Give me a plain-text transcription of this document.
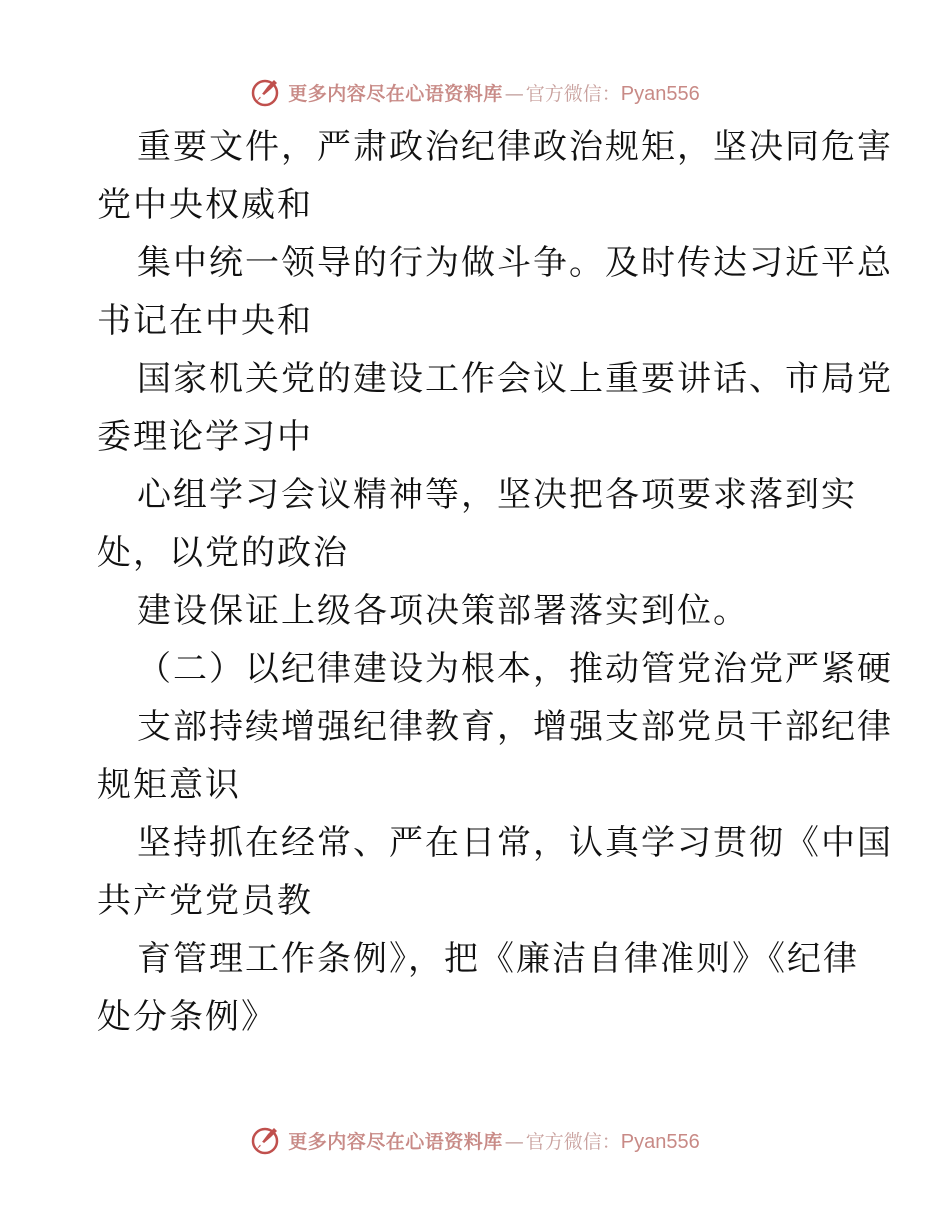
更多内容尽在心语资料库 — 官方微信： Pyan556
重要文件，严肃政治纪律政治规矩，坚决同危害
党中央权威和
集中统一领导的行为做斗争。及时传达习近平总
书记在中央和
国家机关党的建设工作会议上重要讲话、市局党
委理论学习中
心组学习会议精神等，坚决把各项要求落到实
处，以党的政治
建设保证上级各项决策部署落实到位。
（二）以纪律建设为根本，推动管党治党严紧硬
支部持续增强纪律教育，增强支部党员干部纪律
规矩意识
坚持抓在经常、严在日常，认真学习贯彻《中国
共产党党员教
育管理工作条例》，把《廉洁自律准则》《纪律
处分条例》
更多内容尽在心语资料库 — 官方微信： Pyan556
